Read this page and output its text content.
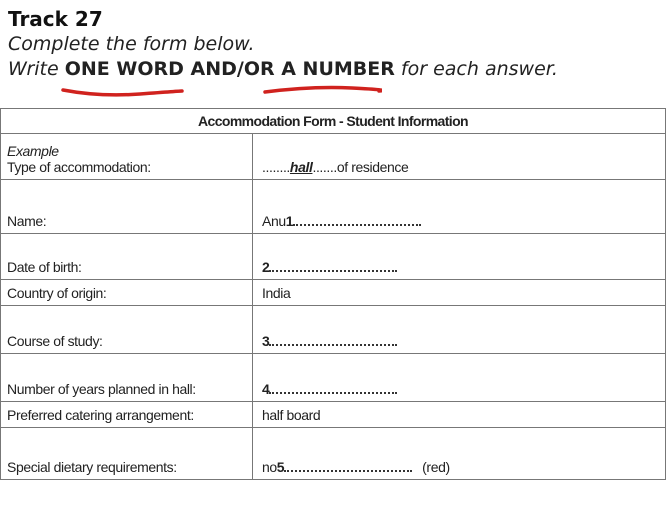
Track 27
Complete the form below.
Write ONE WORD AND/OR A NUMBER for each answer.
Accommodation Form - Student Information
Example
Type of accommodation:	........ hall .......of residence
Name:	Anu 1
Date of birth:	2
Country of origin:	India
Course of study:	3
Number of years planned in hall:	4
Preferred catering arrangement:	half board
Special dietary requirements:	no 5	(red)
